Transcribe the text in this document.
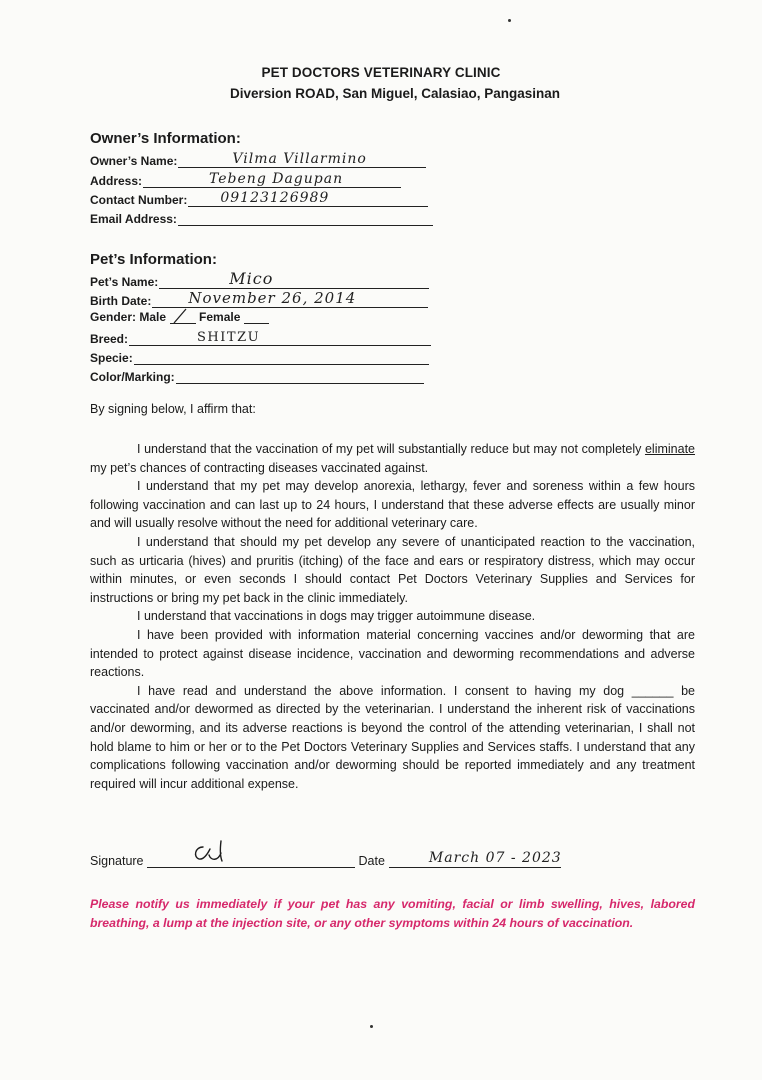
PET DOCTORS VETERINARY CLINIC
Diversion ROAD, San Miguel, Calasiao, Pangasinan
Owner’s Information:
Owner’s Name:	Vilma Villarmino
Address:	Tebeng Dagupan
Contact Number: 09123126989
Email Address:
Pet’s Information:
Pet’s Name:	Mico
Birth Date: November 26, 2014
Gender: Male	Female
Breed:	SHITZU
Specie:
Color/Marking:
By signing below, I affirm that:

I understand that the vaccination of my pet will substantially reduce but may not completely eliminate my pet’s chances of contracting diseases vaccinated against.

I understand that my pet may develop anorexia, lethargy, fever and soreness within a few hours following vaccination and can last up to 24 hours, I understand that these adverse effects are usually minor and will usually resolve without the need for additional veterinary care.

I understand that should my pet develop any severe of unanticipated reaction to the vaccination, such as urticaria (hives) and pruritis (itching) of the face and ears or respiratory distress, which may occur within minutes, or even seconds I should contact Pet Doctors Veterinary Supplies and Services for instructions or bring my pet back in the clinic immediately.

I understand that vaccinations in dogs may trigger autoimmune disease.

I have been provided with information material concerning vaccines and/or deworming that are intended to protect against disease incidence, vaccination and deworming recommendations and adverse reactions.

I have read and understand the above information. I consent to having my dog ______ be vaccinated and/or dewormed as directed by the veterinarian. I understand the inherent risk of vaccinations and/or deworming, and its adverse reactions is beyond the control of the attending veterinarian, I shall not hold blame to him or her or to the Pet Doctors Veterinary Supplies and Services staffs. I understand that any complications following vaccination and/or deworming should be reported immediately and any treatment required will incur additional expense.

Signature	Date	March 07 - 2023
Please notify us immediately if your pet has any vomiting, facial or limb swelling, hives, labored breathing, a lump at the injection site, or any other symptoms within 24 hours of vaccination.
